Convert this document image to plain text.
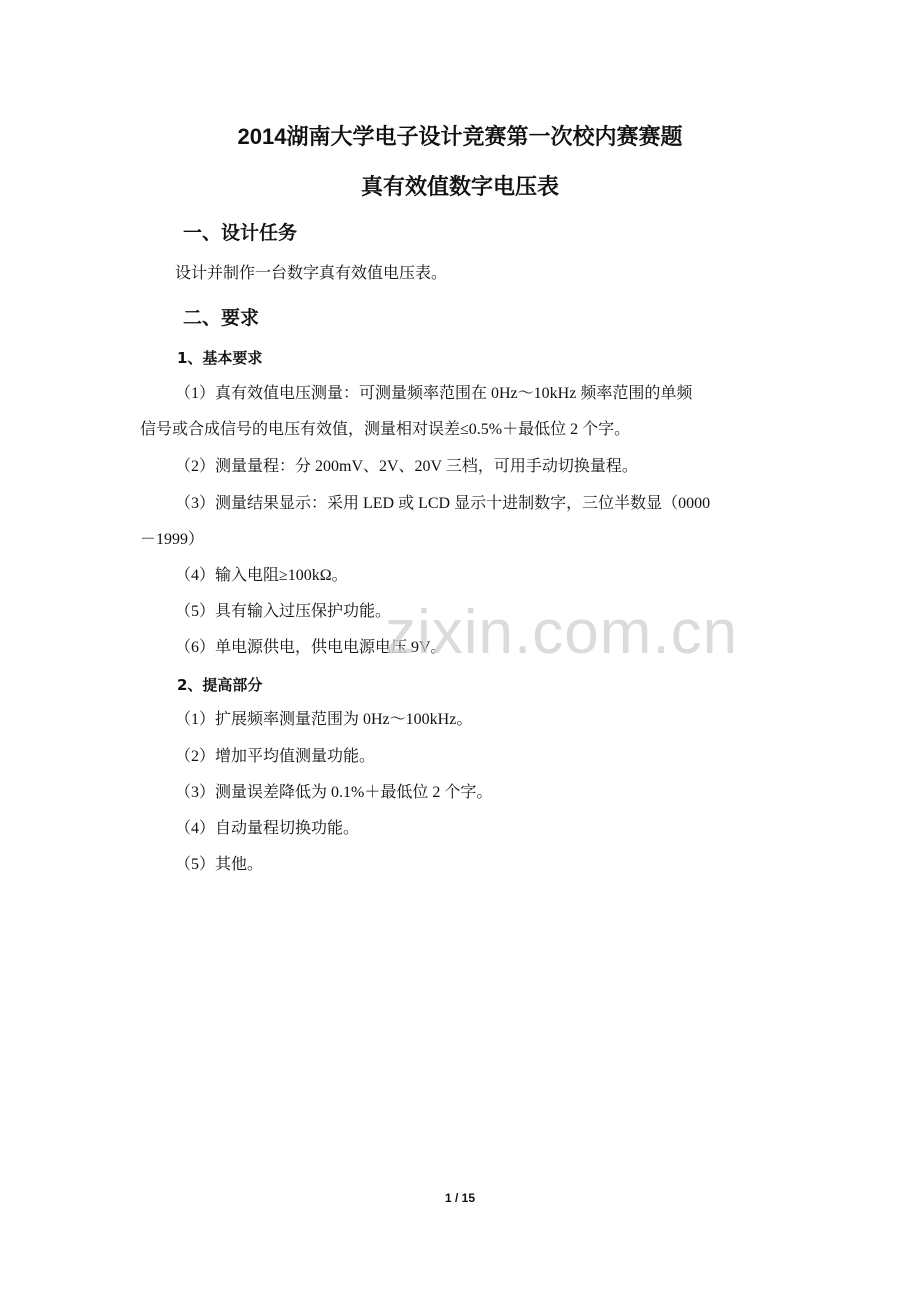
2014湖南大学电子设计竞赛第一次校内赛赛题
真有效值数字电压表
一、设计任务
设计并制作一台数字真有效值电压表。
二、要求
1、基本要求
（1）真有效值电压测量：可测量频率范围在 0Hz～10kHz 频率范围的单频
信号或合成信号的电压有效值，测量相对误差≤0.5%＋最低位 2 个字。
（2）测量量程：分 200mV、2V、20V 三档，可用手动切换量程。
（3）测量结果显示：采用 LED 或 LCD 显示十进制数字，三位半数显（0000
－1999）
（4）输入电阻≥100kΩ。
（5）具有输入过压保护功能。
（6）单电源供电，供电电源电压 9V。
2、提高部分
（1）扩展频率测量范围为 0Hz～100kHz。
（2）增加平均值测量功能。
（3）测量误差降低为 0.1%＋最低位 2 个字。
（4）自动量程切换功能。
（5）其他。
zixin.com.cn
1 / 15
